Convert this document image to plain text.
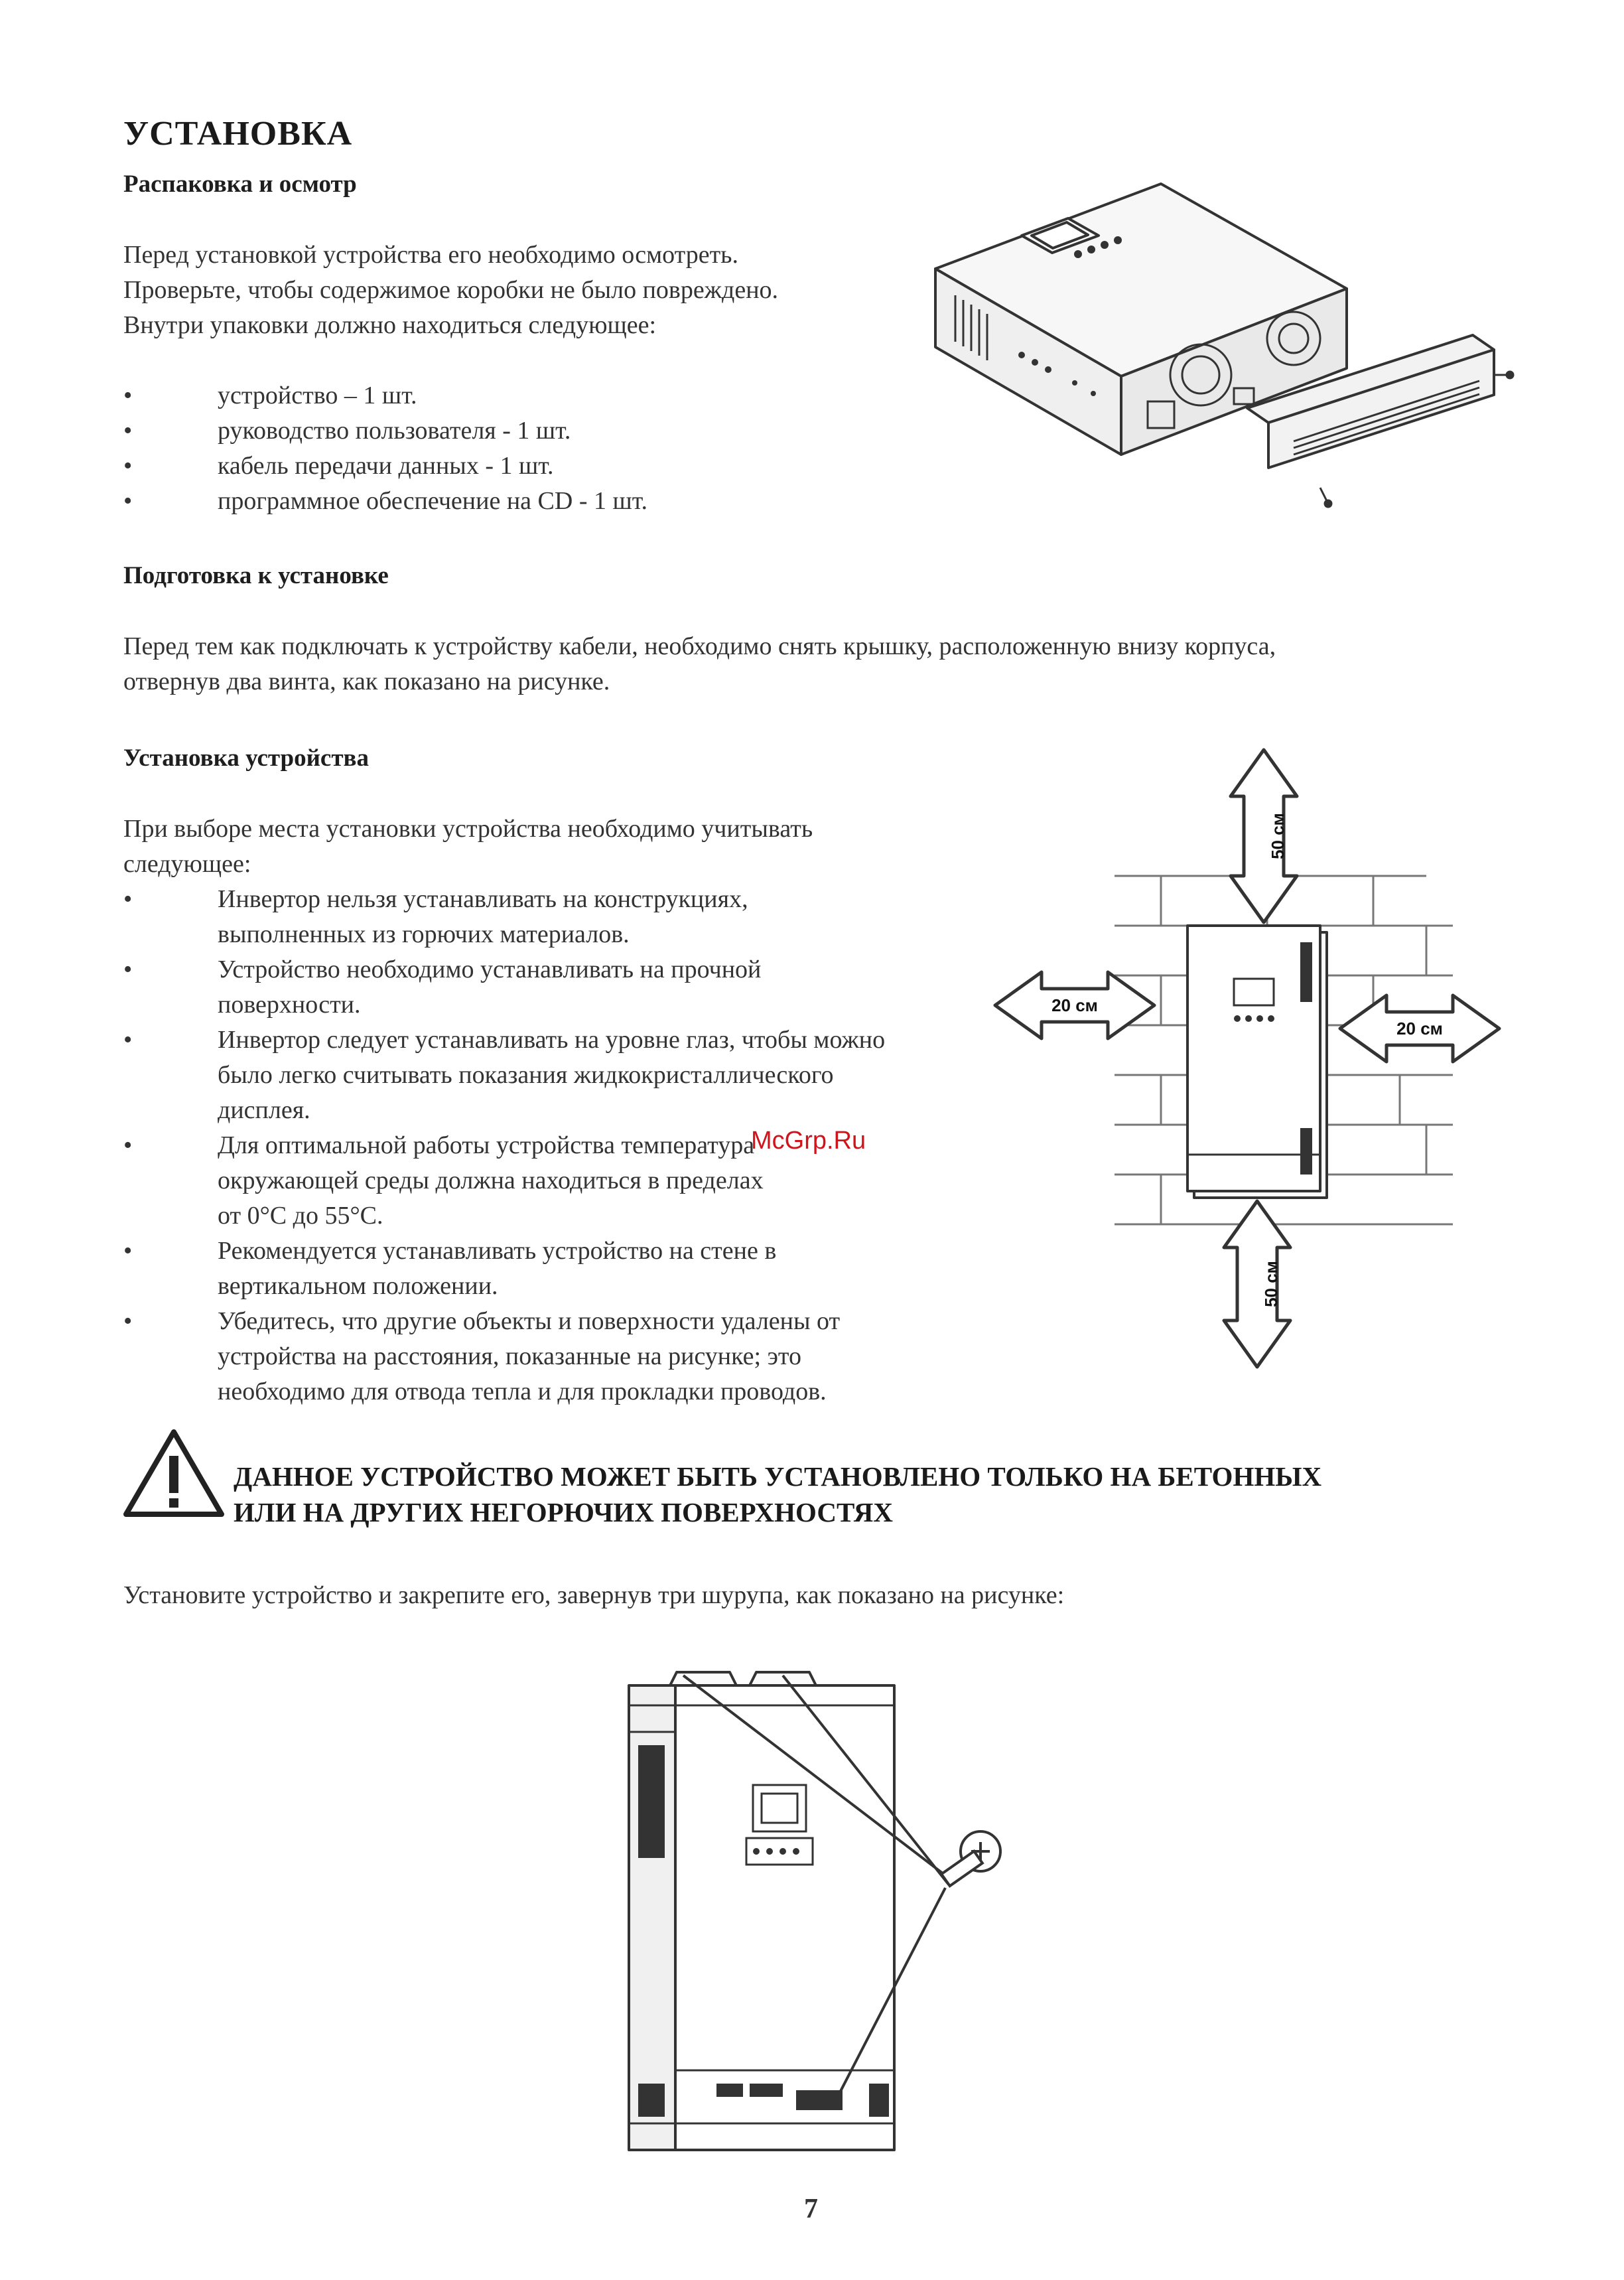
УСТАНОВКА
Распаковка и осмотр
Перед установкой устройства его необходимо осмотреть.
Проверьте, чтобы содержимое коробки не было повреждено.
Внутри упаковки должно находиться следующее:
•	устройство – 1 шт.
•	руководство пользователя - 1 шт.
•	кабель передачи данных - 1 шт.
•	программное обеспечение на CD - 1 шт.
Подготовка к установке
Перед тем как подключать к устройству кабели, необходимо снять крышку, расположенную внизу корпуса,
отвернув два винта, как показано на рисунке.
Установка устройства
При выборе места установки устройства необходимо учитывать
следующее:
•	Инвертор нельзя устанавливать на конструкциях,
выполненных из горючих материалов.
•	Устройство необходимо устанавливать на прочной
поверхности.
•	Инвертор следует устанавливать на уровне глаз, чтобы можно
было легко считывать показания жидкокристаллического
дисплея.
•	Для оптимальной работы устройства температура
окружающей среды должна находиться в пределах
от 0°C до 55°C.
•	Рекомендуется устанавливать устройство на стене в
вертикальном положении.
•	Убедитесь, что другие объекты и поверхности удалены от
устройства на расстояния, показанные на рисунке; это
необходимо для отвода тепла и для прокладки проводов.
McGrp.Ru
50 см
50 см
20 см
20 см
ДАННОЕ УСТРОЙСТВО МОЖЕТ БЫТЬ УСТАНОВЛЕНО ТОЛЬКО НА БЕТОННЫХ
ИЛИ НА ДРУГИХ НЕГОРЮЧИХ ПОВЕРХНОСТЯХ
Установите устройство и закрепите его, завернув три шурупа, как показано на рисунке:
7
